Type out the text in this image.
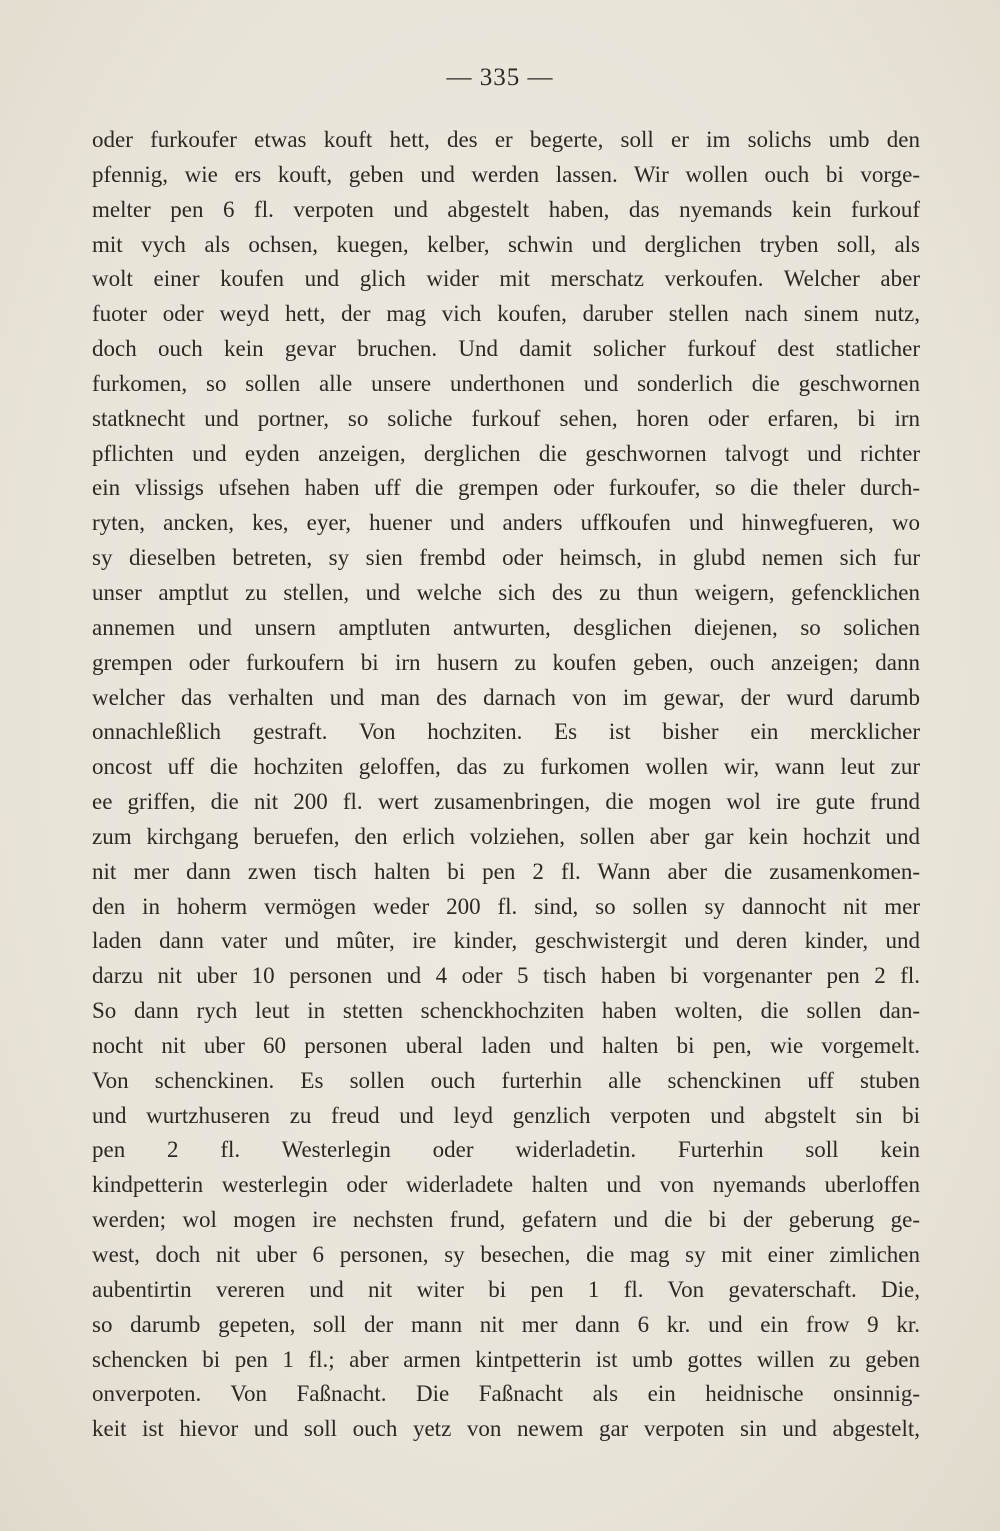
— 335 —
oder furkoufer etwas kouft hett, des er begerte, soll er im solichs umb den
pfennig, wie ers kouft, geben und werden lassen. Wir wollen ouch bi vorge-
melter pen 6 fl. verpoten und abgestelt haben, das nyemands kein furkouf
mit vych als ochsen, kuegen, kelber, schwin und derglichen tryben soll, als
wolt einer koufen und glich wider mit merschatz verkoufen. Welcher aber
fuoter oder weyd hett, der mag vich koufen, daruber stellen nach sinem nutz,
doch ouch kein gevar bruchen. Und damit solicher furkouf dest statlicher
furkomen, so sollen alle unsere underthonen und sonderlich die geschwornen
statknecht und portner, so soliche furkouf sehen, horen oder erfaren, bi irn
pflichten und eyden anzeigen, derglichen die geschwornen talvogt und richter
ein vlissigs ufsehen haben uff die grempen oder furkoufer, so die theler durch-
ryten, ancken, kes, eyer, huener und anders uffkoufen und hinwegfueren, wo
sy dieselben betreten, sy sien frembd oder heimsch, in glubd nemen sich fur
unser amptlut zu stellen, und welche sich des zu thun weigern, gefencklichen
annemen und unsern amptluten antwurten, desglichen diejenen, so solichen
grempen oder furkoufern bi irn husern zu koufen geben, ouch anzeigen; dann
welcher das verhalten und man des darnach von im gewar, der wurd darumb
onnachleßlich gestraft. Von hochziten. Es ist bisher ein mercklicher
oncost uff die hochziten geloffen, das zu furkomen wollen wir, wann leut zur
ee griffen, die nit 200 fl. wert zusamenbringen, die mogen wol ire gute frund
zum kirchgang beruefen, den erlich volziehen, sollen aber gar kein hochzit und
nit mer dann zwen tisch halten bi pen 2 fl. Wann aber die zusamenkomen-
den in hoherm vermögen weder 200 fl. sind, so sollen sy dannocht nit mer
laden dann vater und mûter, ire kinder, geschwistergit und deren kinder, und
darzu nit uber 10 personen und 4 oder 5 tisch haben bi vorgenanter pen 2 fl.
So dann rych leut in stetten schenckhochziten haben wolten, die sollen dan-
nocht nit uber 60 personen uberal laden und halten bi pen, wie vorgemelt.
Von schenckinen. Es sollen ouch furterhin alle schenckinen uff stuben
und wurtzhuseren zu freud und leyd genzlich verpoten und abgstelt sin bi
pen 2 fl. Westerlegin oder widerladetin. Furterhin soll kein
kindpetterin westerlegin oder widerladete halten und von nyemands uberloffen
werden; wol mogen ire nechsten frund, gefatern und die bi der geberung ge-
west, doch nit uber 6 personen, sy besechen, die mag sy mit einer zimlichen
aubentirtin vereren und nit witer bi pen 1 fl. Von gevaterschaft. Die,
so darumb gepeten, soll der mann nit mer dann 6 kr. und ein frow 9 kr.
schencken bi pen 1 fl.; aber armen kintpetterin ist umb gottes willen zu geben
onverpoten. Von Faßnacht. Die Faßnacht als ein heidnische onsinnig-
keit ist hievor und soll ouch yetz von newem gar verpoten sin und abgestelt,
